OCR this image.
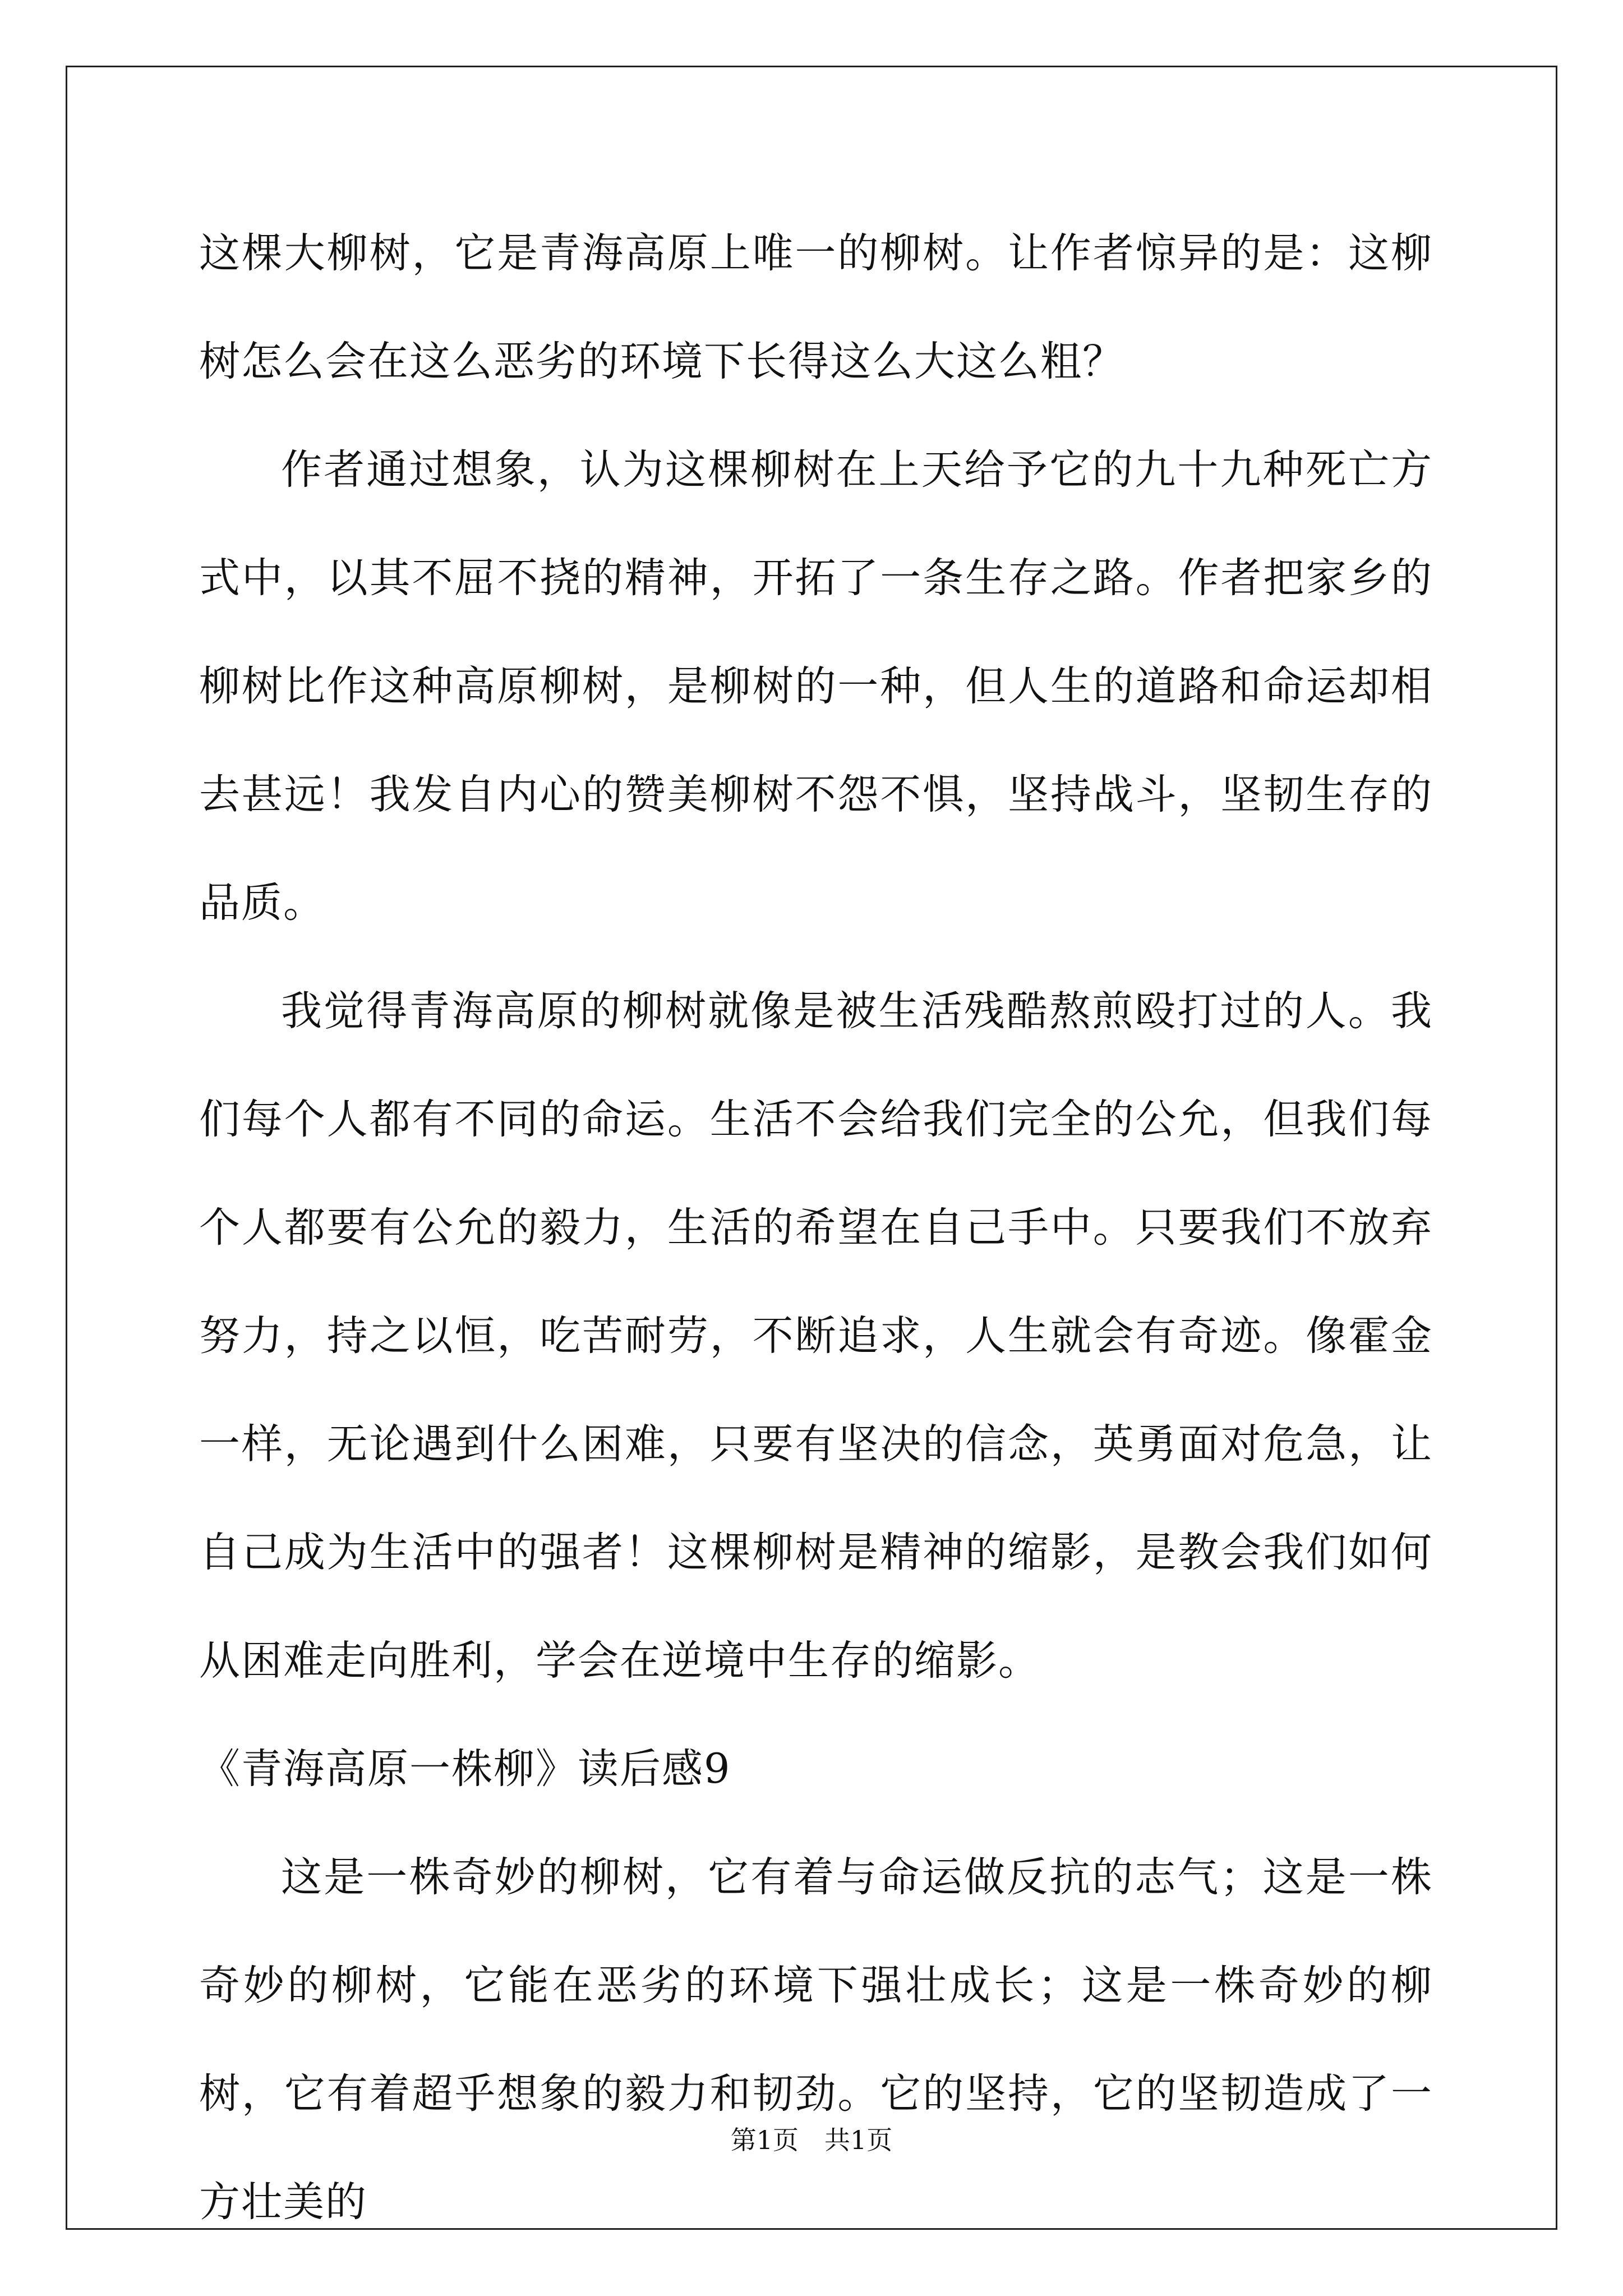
这棵大柳树，它是青海高原上唯一的柳树。让作者惊异的是：这柳树怎么会在这么恶劣的环境下长得这么大这么粗？

作者通过想象，认为这棵柳树在上天给予它的九十九种死亡方式中，以其不屈不挠的精神，开拓了一条生存之路。作者把家乡的柳树比作这种高原柳树，是柳树的一种，但人生的道路和命运却相去甚远！我发自内心的赞美柳树不怨不惧，坚持战斗，坚韧生存的品质。

我觉得青海高原的柳树就像是被生活残酷熬煎殴打过的人。我们每个人都有不同的命运。生活不会给我们完全的公允，但我们每个人都要有公允的毅力，生活的希望在自己手中。只要我们不放弃努力，持之以恒，吃苦耐劳，不断追求，人生就会有奇迹。像霍金一样，无论遇到什么困难，只要有坚决的信念，英勇面对危急，让自己成为生活中的强者！这棵柳树是精神的缩影，是教会我们如何从困难走向胜利，学会在逆境中生存的缩影。

《青海高原一株柳》读后感9

这是一株奇妙的柳树，它有着与命运做反抗的志气；这是一株奇妙的柳树，它能在恶劣的环境下强壮成长；这是一株奇妙的柳树，它有着超乎想象的毅力和韧劲。它的坚持，它的坚韧造成了一方壮美的

第1页　共1页
